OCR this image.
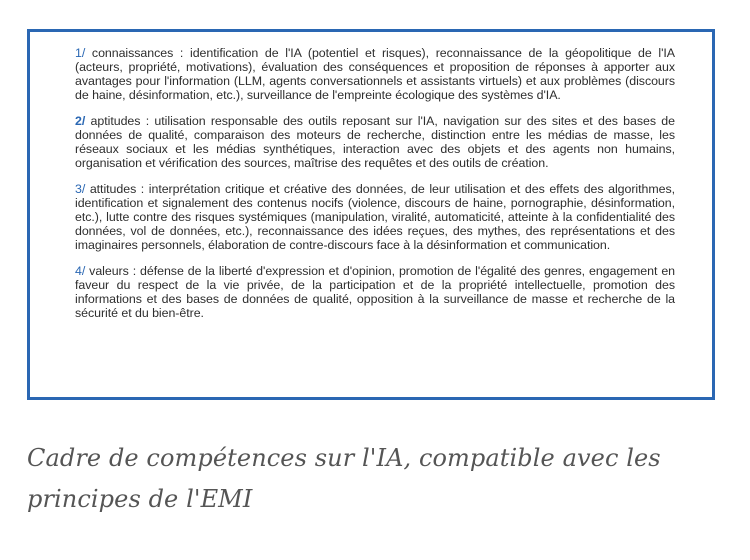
1/ connaissances : identification de l'IA (potentiel et risques), reconnaissance de la géopolitique de l'IA (acteurs, propriété, motivations), évaluation des conséquences et proposition de réponses à apporter aux avantages pour l'information (LLM, agents conversationnels et assistants virtuels) et aux problèmes (discours de haine, désinformation, etc.), surveillance de l'empreinte écologique des systèmes d'IA.

2/ aptitudes : utilisation responsable des outils reposant sur l'IA, navigation sur des sites et des bases de données de qualité, comparaison des moteurs de recherche, distinction entre les médias de masse, les réseaux sociaux et les médias synthétiques, interaction avec des objets et des agents non humains, organisation et vérification des sources, maîtrise des requêtes et des outils de création.

3/ attitudes : interprétation critique et créative des données, de leur utilisation et des effets des algorithmes, identification et signalement des contenus nocifs (violence, discours de haine, pornographie, désinformation, etc.), lutte contre des risques systémiques (manipulation, viralité, automaticité, atteinte à la confidentialité des données, vol de données, etc.), reconnaissance des idées reçues, des mythes, des représentations et des imaginaires personnels, élaboration de contre-discours face à la désinformation et communication.

4/ valeurs : défense de la liberté d'expression et d'opinion, promotion de l'égalité des genres, engagement en faveur du respect de la vie privée, de la participation et de la propriété intellectuelle, promotion des informations et des bases de données de qualité, opposition à la surveillance de masse et recherche de la sécurité et du bien-être.

Cadre de compétences sur l'IA, compatible avec les principes de l'EMI
